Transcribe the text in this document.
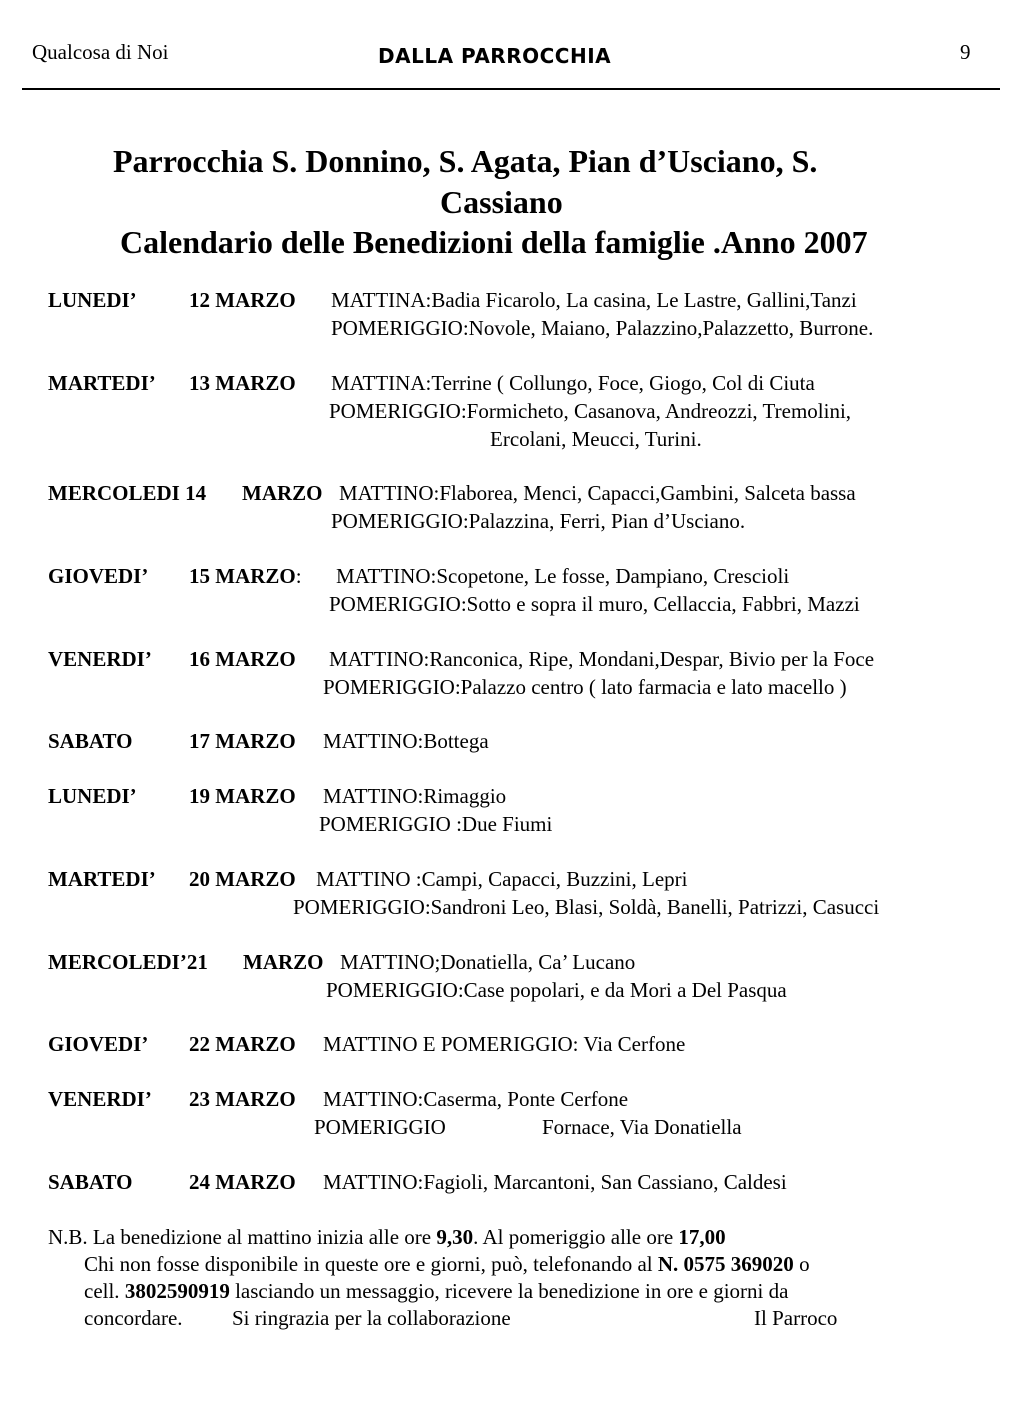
Qualcosa di Noi	DALLA PARROCCHIA	9
Parrocchia S. Donnino, S. Agata, Pian d’Usciano, S.
Cassiano
Calendario delle Benedizioni della famiglie .Anno 2007
LUNEDI’ 12 MARZO MATTINA:Badia Ficarolo, La casina, Le Lastre, Gallini,Tanzi
POMERIGGIO:Novole, Maiano, Palazzino,Palazzetto, Burrone.
MARTEDI’ 13 MARZO MATTINA:Terrine ( Collungo, Foce, Giogo, Col di Ciuta
POMERIGGIO:Formicheto, Casanova, Andreozzi, Tremolini,
Ercolani, Meucci, Turini.
MERCOLEDI 14 MARZO MATTINO:Flaborea, Menci, Capacci,Gambini, Salceta bassa
POMERIGGIO:Palazzina, Ferri, Pian d’Usciano.
GIOVEDI’ 15 MARZO: MATTINO:Scopetone, Le fosse, Dampiano, Crescioli
POMERIGGIO:Sotto e sopra il muro, Cellaccia, Fabbri, Mazzi
VENERDI’ 16 MARZO MATTINO:Ranconica, Ripe, Mondani,Despar, Bivio per la Foce
POMERIGGIO:Palazzo centro ( lato farmacia e lato macello )
SABATO	17 MARZO MATTINO:Bottega
LUNEDI’ 19 MARZO MATTINO:Rimaggio
POMERIGGIO :Due Fiumi
MARTEDI’ 20 MARZO MATTINO :Campi, Capacci, Buzzini, Lepri
POMERIGGIO:Sandroni Leo, Blasi, Soldà, Banelli, Patrizzi, Casucci
MERCOLEDI’21 MARZO MATTINO;Donatiella, Ca’ Lucano
POMERIGGIO:Case popolari, e da Mori a Del Pasqua
GIOVEDI’ 22 MARZO MATTINO E POMERIGGIO: Via Cerfone
VENERDI’ 23 MARZO MATTINO:Caserma, Ponte Cerfone
POMERIGGIO	Fornace, Via Donatiella
SABATO	24 MARZO MATTINO:Fagioli, Marcantoni, San Cassiano, Caldesi
N.B. La benedizione al mattino inizia alle ore 9,30. Al pomeriggio alle ore 17,00
Chi non fosse disponibile in queste ore e giorni, può, telefonando al N. 0575 369020 o
cell. 3802590919 lasciando un messaggio, ricevere la benedizione in ore e giorni da
concordare. Si ringrazia per la collaborazione	Il Parroco
